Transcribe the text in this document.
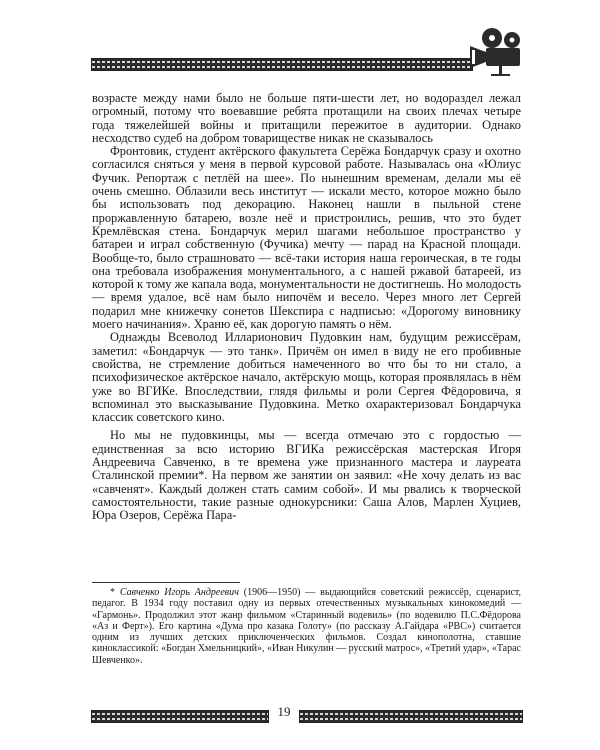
возрасте между нами было не больше пяти-шести лет, но водораздел лежал огромный, потому что воевавшие ребята протащили на своих плечах четыре года тяжелейшей войны и притащили пережитое в аудитории. Однако несходство судеб на добром товариществе никак не сказывалось

Фронтовик, студент актёрского факультета Серёжа Бондарчук сразу и охотно согласился сняться у меня в первой курсовой работе. Называлась она «Юлиус Фучик. Репортаж с петлёй на шее». По нынешним временам, делали мы её очень смешно. Облазили весь институт — искали место, которое можно было бы использовать под декорацию. Наконец нашли в пыльной стене проржавленную батарею, возле неё и пристроились, решив, что это будет Кремлёвская стена. Бондарчук мерил шагами небольшое пространство у батареи и играл собственную (Фучика) мечту — парад на Красной площади. Вообще-то, было страшновато — всё-таки история наша героическая, в те годы она требовала изображения монументального, а с нашей ржавой батареей, из которой к тому же капала вода, монументальности не достигнешь. Но молодость — время удалое, всё нам было нипочём и весело. Через много лет Сергей подарил мне книжечку сонетов Шекспира с надписью: «Дорогому виновнику моего начинания». Храню её, как дорогую память о нём.

Однажды Всеволод Илларионович Пудовкин нам, будущим режиссёрам, заметил: «Бондарчук — это танк». Причём он имел в виду не его пробивные свойства, не стремление добиться намеченного во что бы то ни стало, а психофизическое актёрское начало, актёрскую мощь, которая проявлялась в нём уже во ВГИКе. Впоследствии, глядя фильмы и роли Сергея Фёдоровича, я вспоминал это высказывание Пудовкина. Метко охарактеризовал Бондарчука классик советского кино.

Но мы не пудовкинцы, мы — всегда отмечаю это с гордостью — единственная за всю историю ВГИКа режиссёрская мастерская Игоря Андреевича Савченко, в те времена уже признанного мастера и лауреата Сталинской премии*. На первом же занятии он заявил: «Не хочу делать из вас «савченят». Каждый должен стать самим собой». И мы рвались к творческой самостоятельности, такие разные однокурсники: Саша Алов, Марлен Хуциев, Юра Озеров, Серёжа Пара-

* Савченко Игорь Андреевич (1906—1950) — выдающийся советский режиссёр, сценарист, педагог. В 1934 году поставил одну из первых отечественных музыкальных кинокомедий — «Гармонь». Продолжил этот жанр фильмом «Старинный водевиль» (по водевилю П.С.Фёдорова «Аз и Ферт»). Его картина «Дума про казака Голоту» (по рассказу А.Гайдара «РВС») считается одним из лучших детских приключенческих фильмов. Создал кинополотна, ставшие киноклассикой: «Богдан Хмельницкий», «Иван Никулин — русский матрос», «Третий удар», «Тарас Шевченко».
19
